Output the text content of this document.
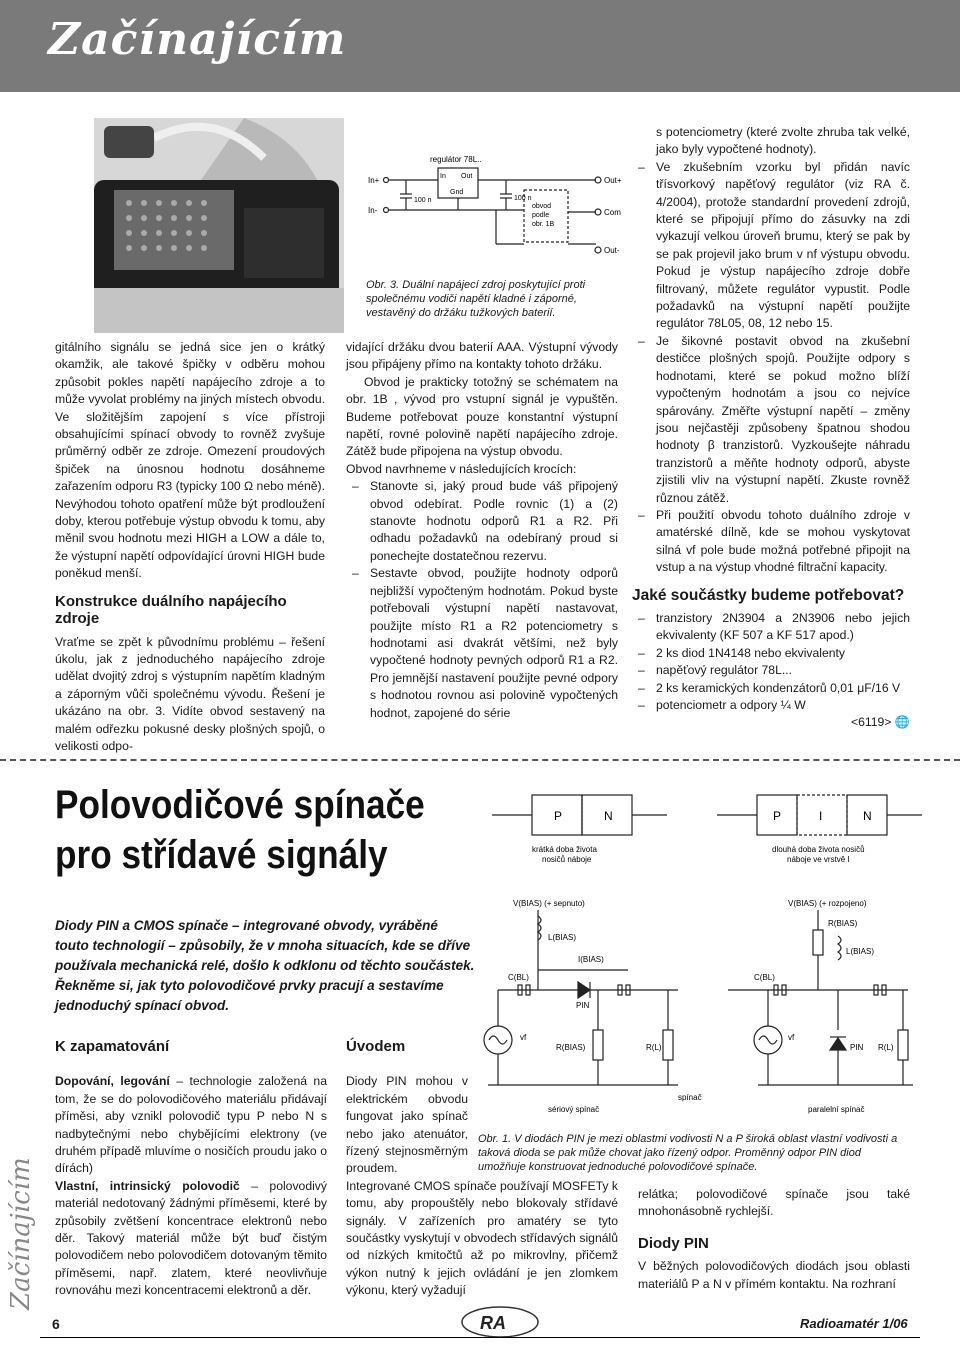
Začínajícím

gitálního signálu se jedná sice jen o krátký okamžik, ale takové špičky v odběru mohou způsobit pokles napětí napájecího zdroje a to může vyvolat problémy na jiných místech obvodu. Ve složitějším zapojení s více přístroji obsahujícími spínací obvody to rovněž zvyšuje průměrný odběr ze zdroje. Omezení proudových špiček na únosnou hodnotu dosáhneme zařazením odporu R3 (typicky 100 Ω nebo méně). Nevýhodou tohoto opatření může být prodloužení doby, kterou potřebuje výstup obvodu k tomu, aby měnil svou hodnotu mezi HIGH a LOW a dále to, že výstupní napětí odpovídající úrovni HIGH bude poněkud menší.

Konstrukce duálního napájecího zdroje

Vraťme se zpět k původnímu problému – řešení úkolu, jak z jednoduchého napájecího zdroje udělat dvojitý zdroj s výstupním napětím kladným a záporným vůči společnému vývodu. Řešení je ukázáno na obr. 3. Vidíte obvod sestavený na malém odřezku pokusné desky plošných spojů, o velikosti odpo-

regulátor 78L..
In+
In-
In Out
Gnd
100 n	100 n
obvod
podle
obr. 1B
Out+
Com
Out-
Obr. 3. Duální napájecí zdroj poskytující proti společnému vodiči napětí kladné i záporné, vestavěný do držáku tužkových baterií.

vidající držáku dvou baterií AAA. Výstupní vývody jsou připájeny přímo na kontakty tohoto držáku.

Obvod je prakticky totožný se schématem na obr. 1B , vývod pro vstupní signál je vypuštěn. Budeme potřebovat pouze konstantní výstupní napětí, rovné polovině napětí napájecího zdroje. Zátěž bude připojena na výstup obvodu.

Obvod navrhneme v následujících krocích:

– Stanovte si, jaký proud bude váš připojený obvod odebírat. Podle rovnic (1) a (2) stanovte hodnotu odporů R1 a R2. Při odhadu požadavků na odebíraný proud si ponechejte dostatečnou rezervu.

– Sestavte obvod, použijte hodnoty odporů nejbližší vypočteným hodnotám. Pokud byste potřebovali výstupní napětí nastavovat, použijte místo R1 a R2 potenciometry s hodnotami asi dvakrát většími, než byly vypočtené hodnoty pevných odporů R1 a R2. Pro jemnější nastavení použijte pevné odpory s hodnotou rovnou asi polovině vypočtených hodnot, zapojené do série

s potenciometry (které zvolte zhruba tak velké, jako byly vypočtené hodnoty).

– Ve zkušebním vzorku byl přidán navíc třísvorkový napěťový regulátor (viz RA č. 4/2004), protože standardní provedení zdrojů, které se připojují přímo do zásuvky na zdi vykazují velkou úroveň brumu, který se pak by se pak projevil jako brum v nf výstupu obvodu. Pokud je výstup napájecího zdroje dobře filtrovaný, můžete regulátor vypustit. Podle požadavků na výstupní napětí použijte regulátor 78L05, 08, 12 nebo 15.

– Je šikovné postavit obvod na zkušební destičce plošných spojů. Použijte odpory s hodnotami, které se pokud možno blíží vypočteným hodnotám a jsou co nejvíce spárovány. Změřte výstupní napětí – změny jsou nejčastěji způsobeny špatnou shodou hodnoty β tranzistorů. Vyzkoušejte náhradu tranzistorů a měňte hodnoty odporů, abyste zjistili vliv na výstupní napětí. Zkuste rovněž různou zátěž.

– Při použití obvodu tohoto duálního zdroje v amatérské dílně, kde se mohou vyskytovat silná vf pole bude možná potřebné připojit na vstup a na výstup vhodné filtrační kapacity.

Jaké součástky budeme potřebovat?

– tranzistory 2N3904 a 2N3906 nebo jejich ekvivalenty (KF 507 a KF 517 apod.)

– 2 ks diod 1N4148 nebo ekvivalenty

– napěťový regulátor 78L...

– 2 ks keramických kondenzátorů 0,01 μF/16 V

– potenciometr a odpory ¼ W

<6119> 🌐

Polovodičové spínače
pro střídavé signály
P	N	P	I	N
krátká doba života
nosičů náboje
dlouhá doba života nosičů
náboje ve vrstvě I
Diody PIN a CMOS spínače – integrované obvody, vyráběné touto technologií – způsobily, že v mnoha situacích, kde se dříve používala mechanická relé, došlo k odklonu od těchto součástek. Řekněme si, jak tyto polovodičové prvky pracují a sestavíme jednoduchý spínací obvod.
V(BIAS) (+ sepnuto)	V(BIAS) (+ rozpojeno)
L(BIAS)
I(BIAS)
C(BL)
PIN
vf
R(BIAS)	R(L)
sériový spínač
R(BIAS)
L(BIAS)
C(BL)
vf
PIN R(L)
paralelní spínač
spínač
Obr. 1. V diodách PIN je mezi oblastmi vodivosti N a P široká oblast vlastní vodivosti a taková dioda se pak může chovat jako řízený odpor. Proměnný odpor PIN diod umožňuje konstruovat jednoduché polovodičové spínače.
K zapamatování

Dopování, legování – technologie založená na tom, že se do polovodičového materiálu přidávají příměsi, aby vznikl polovodič typu P nebo N s nadbytečnými nebo chybějícími elektrony (ve druhém případě mluvíme o nosičích proudu jako o dírách)

Vlastní, intrinsický polovodič – polovodivý materiál nedotovaný žádnými příměsemi, které by způsobily zvětšení koncentrace elektronů nebo děr. Takový materiál může být buď čistým polovodičem nebo polovodičem dotovaným těmito příměsemi, např. zlatem, které neovlivňuje rovnováhu mezi koncentracemi elektronů a děr.

Úvodem

Diody PIN mohou v elektrickém obvodu fungovat jako spínač nebo jako atenuátor, řízený stejnosměrným proudem.

Integrované CMOS spínače používají MOSFETy k tomu, aby propouštěly nebo blokovaly střídavé signály. V zařízeních pro amatéry se tyto součástky vyskytují v obvodech střídavých signálů od nízkých kmitočtů až po mikrovlny, přičemž výkon nutný k jejich ovládání je jen zlomkem výkonu, který vyžadují

relátka; polovodičové spínače jsou také mnohonásobně rychlejší.

Diody PIN

V běžných polovodičových diodách jsou oblasti materiálů P a N v přímém kontaktu. Na rozhraní

Začínajícím
6	RA	Radioamatér 1/06
